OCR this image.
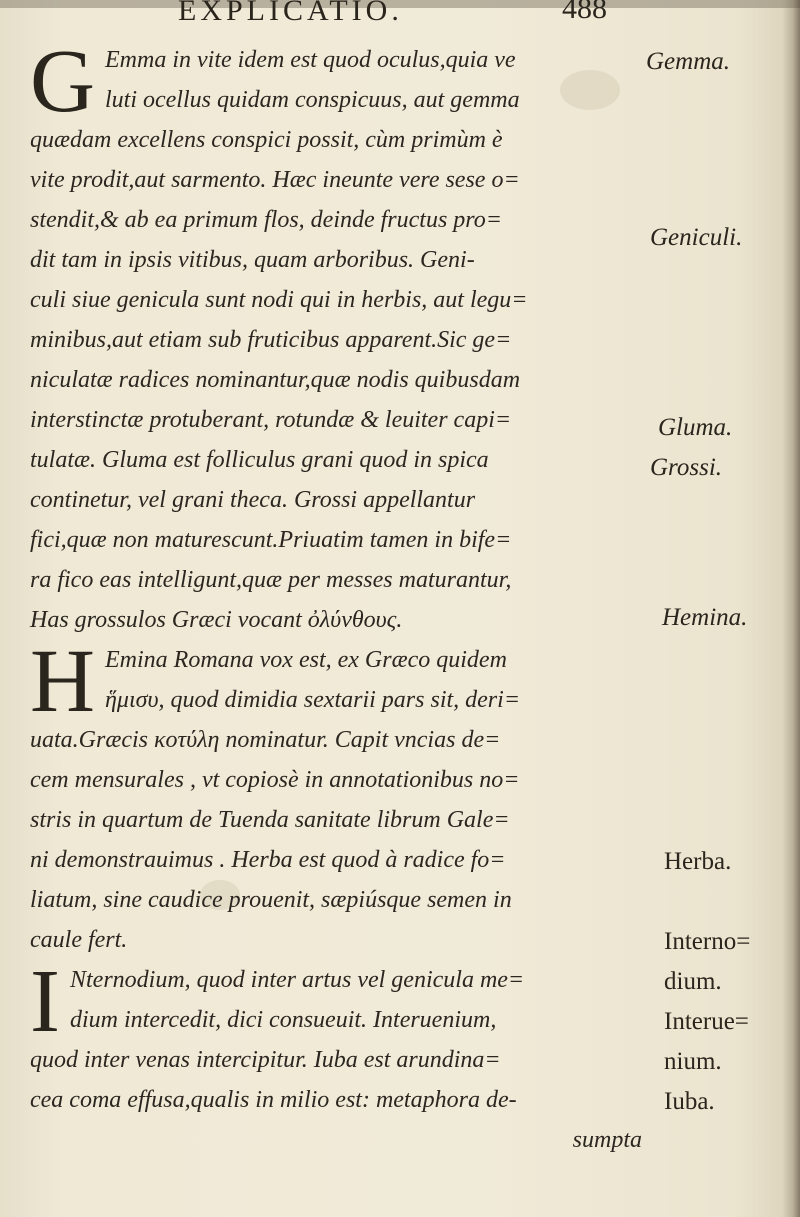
EXPLICATIO.	488
G Emma in vite idem est quod oculus,quia ve
luti ocellus quidam conspicuus, aut gemma
quædam excellens conspici possit, cùm primùm è
vite prodit,aut sarmento. Hæc ineunte vere sese o=
stendit,& ab ea primum flos, deinde fructus pro=
dit tam in ipsis vitibus, quam arboribus. Geni-
culi siue genicula sunt nodi qui in herbis, aut legu=
minibus,aut etiam sub fruticibus apparent.Sic ge=
niculatæ radices nominantur,quæ nodis quibusdam
interstinctæ protuberant, rotundæ & leuiter capi=
tulatæ. Gluma est folliculus grani quod in spica
continetur, vel grani theca. Grossi appellantur
fici,quæ non maturescunt.Priuatim tamen in bife=
ra fico eas intelligunt,quæ per messes maturantur,
Has grossulos Græci vocant ὀλύνθους.
H Emina Romana vox est, ex Græco quidem
ἥμισυ, quod dimidia sextarii pars sit, deri=
uata.Græcis κοτύλη nominatur. Capit vncias de=
cem mensurales , vt copiosè in annotationibus no=
stris in quartum de Tuenda sanitate librum Gale=
ni demonstrauimus . Herba est quod à radice fo=
liatum, sine caudice prouenit, sæpiúsque semen in
caule fert.
I Nternodium, quod inter artus vel genicula me=
dium intercedit, dici consueuit. Interuenium,
quod inter venas intercipitur. Iuba est arundina=
cea coma effusa,qualis in milio est: metaphora de-
sumpta
Gemma.
Geniculi.
Gluma.
Grossi.
Hemina.
Herba.
Interno=
dium.
Interue=
nium.
Iuba.
